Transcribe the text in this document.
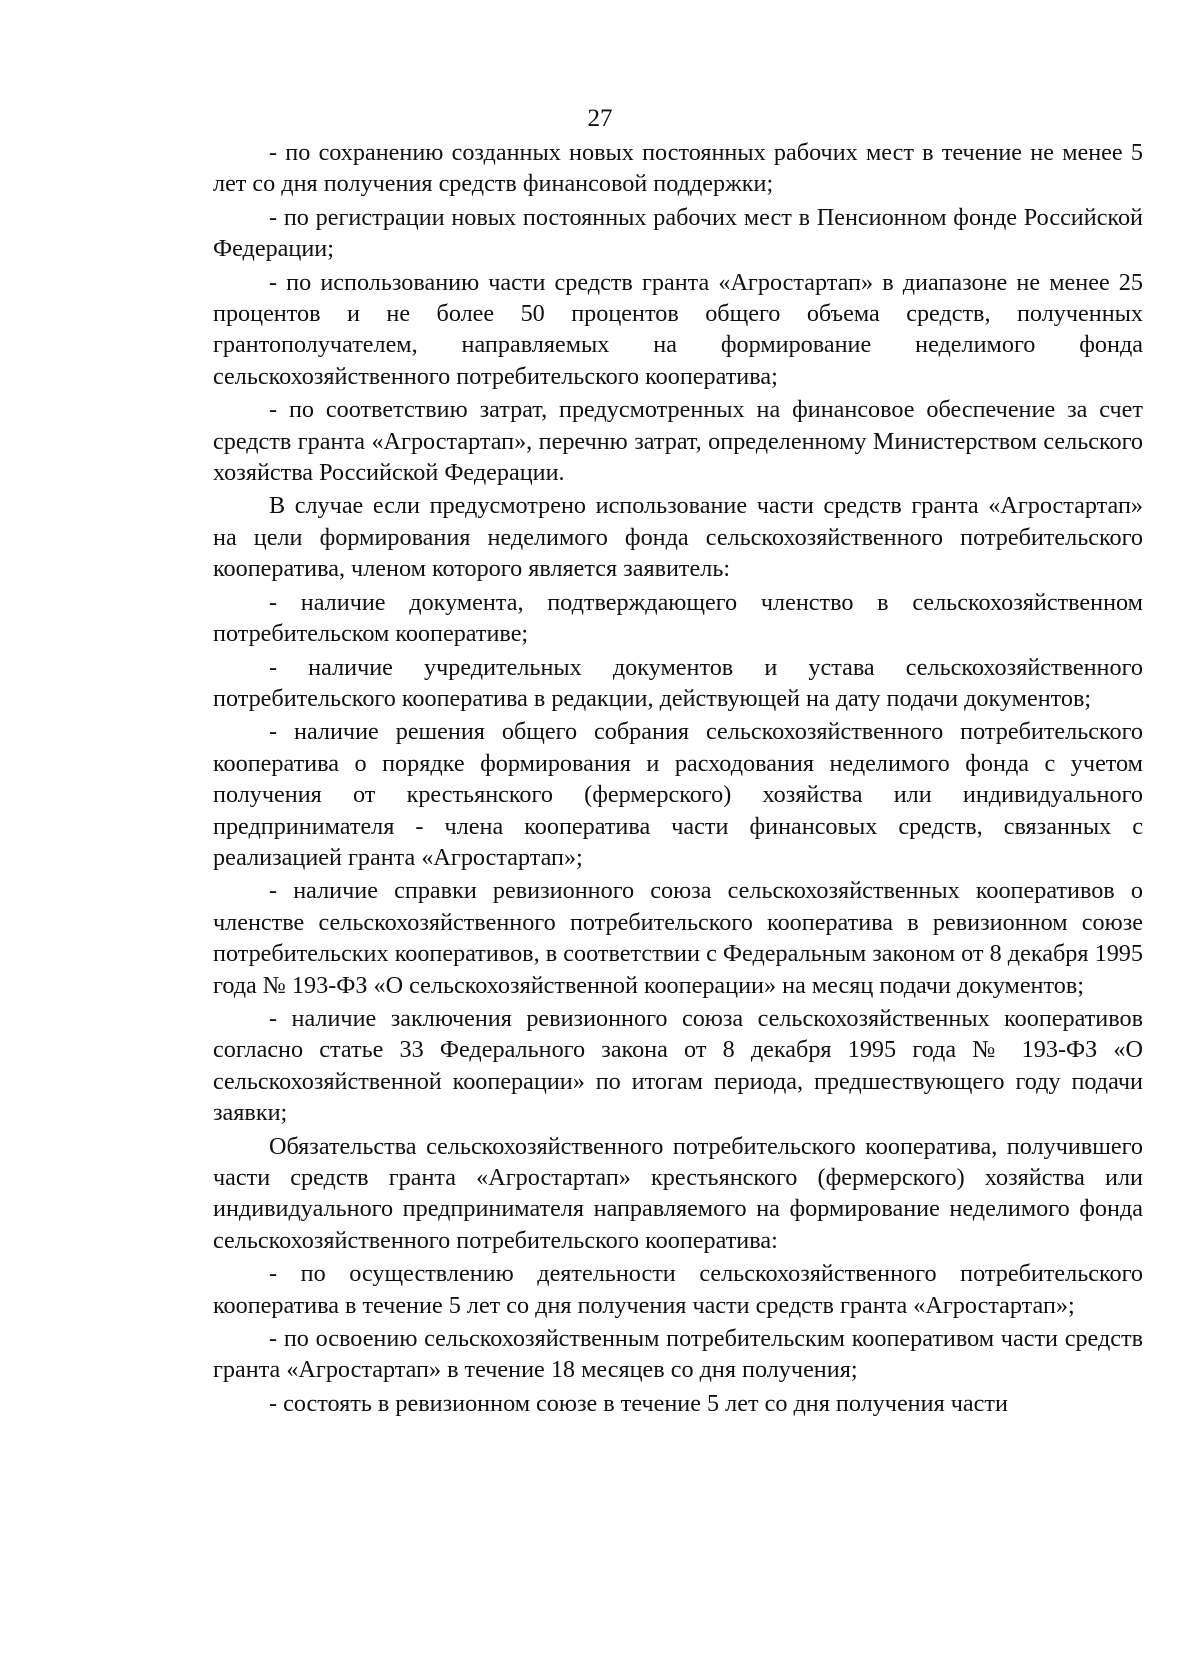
27

- по сохранению созданных новых постоянных рабочих мест в течение не менее 5 лет со дня получения средств финансовой поддержки;

- по регистрации новых постоянных рабочих мест в Пенсионном фонде Российской Федерации;

- по использованию части средств гранта «Агростартап» в диапазоне не менее 25 процентов и не более 50 процентов общего объема средств, полученных грантополучателем, направляемых на формирование неделимого фонда сельскохозяйственного потребительского кооператива;

- по соответствию затрат, предусмотренных на финансовое обеспечение за счет средств гранта «Агростартап», перечню затрат, определенному Министерством сельского хозяйства Российской Федерации.

В случае если предусмотрено использование части средств гранта «Агростартап» на цели формирования неделимого фонда сельскохозяйственного потребительского кооператива, членом которого является заявитель:

- наличие документа, подтверждающего членство в сельскохозяйственном потребительском кооперативе;

- наличие учредительных документов и устава сельскохозяйственного потребительского кооператива в редакции, действующей на дату подачи документов;

- наличие решения общего собрания сельскохозяйственного потребительского кооператива о порядке формирования и расходования неделимого фонда с учетом получения от крестьянского (фермерского) хозяйства или индивидуального предпринимателя - члена кооператива части финансовых средств, связанных с реализацией гранта «Агростартап»;

- наличие справки ревизионного союза сельскохозяйственных кооперативов о членстве сельскохозяйственного потребительского кооператива в ревизионном союзе потребительских кооперативов, в соответствии с Федеральным законом от 8 декабря 1995 года № 193-ФЗ «О сельскохозяйственной кооперации» на месяц подачи документов;

- наличие заключения ревизионного союза сельскохозяйственных кооперативов согласно статье 33 Федерального закона от 8 декабря 1995 года № 193-ФЗ «О сельскохозяйственной кооперации» по итогам периода, предшествующего году подачи заявки;

Обязательства сельскохозяйственного потребительского кооператива, получившего части средств гранта «Агростартап» крестьянского (фермерского) хозяйства или индивидуального предпринимателя направляемого на формирование неделимого фонда сельскохозяйственного потребительского кооператива:

- по осуществлению деятельности сельскохозяйственного потребительского кооператива в течение 5 лет со дня получения части средств гранта «Агростартап»;

- по освоению сельскохозяйственным потребительским кооперативом части средств гранта «Агростартап» в течение 18 месяцев со дня получения;

- состоять в ревизионном союзе в течение 5 лет со дня получения части
